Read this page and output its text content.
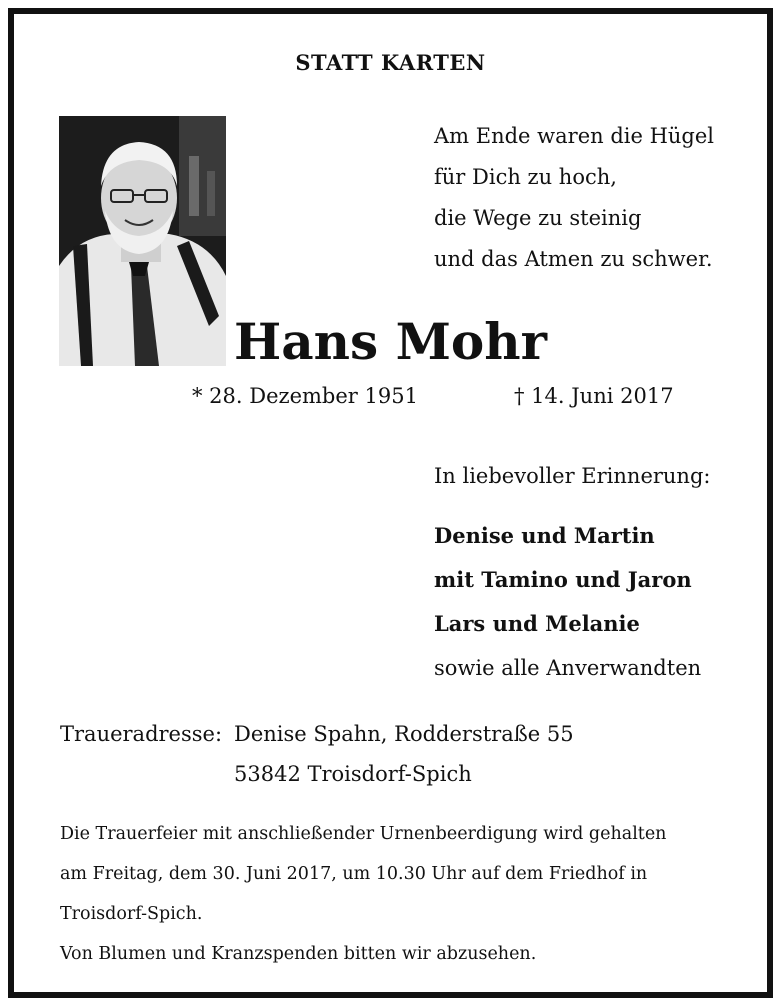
STATT KARTEN
Am Ende waren die Hügel
für Dich zu hoch,
die Wege zu steinig
und das Atmen zu schwer.
Hans Mohr
* 28. Dezember 1951	† 14. Juni 2017
In liebevoller Erinnerung:
Denise und Martin
mit Tamino und Jaron
Lars und Melanie
sowie alle Anverwandten
Traueradresse: Denise Spahn, Rodderstraße 55
53842 Troisdorf-Spich
Die Trauerfeier mit anschließender Urnenbeerdigung wird gehalten
am Freitag, dem 30. Juni 2017, um 10.30 Uhr auf dem Friedhof in
Troisdorf-Spich.
Von Blumen und Kranzspenden bitten wir abzusehen.
